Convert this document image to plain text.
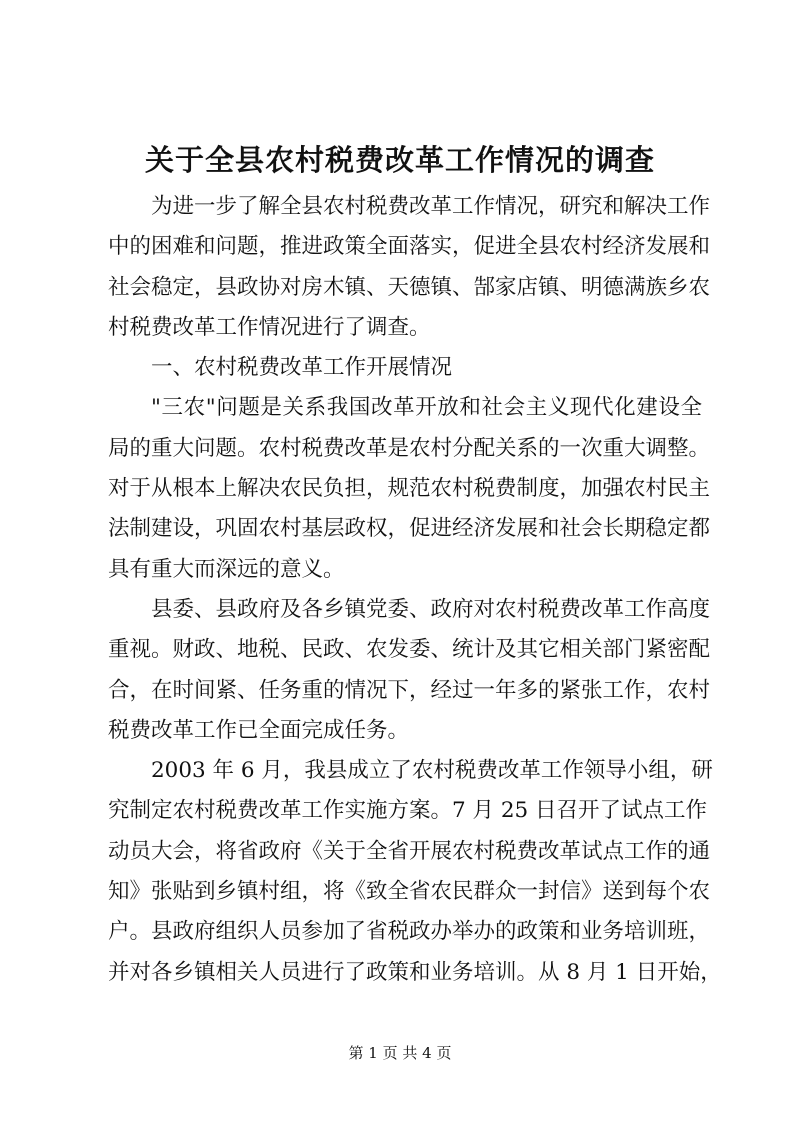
关于全县农村税费改革工作情况的调查
为进一步了解全县农村税费改革工作情况，研究和解决工作
中的困难和问题，推进政策全面落实，促进全县农村经济发展和
社会稳定，县政协对房木镇、天德镇、郜家店镇、明德满族乡农
村税费改革工作情况进行了调查。
一、农村税费改革工作开展情况
"三农"问题是关系我国改革开放和社会主义现代化建设全
局的重大问题。农村税费改革是农村分配关系的一次重大调整。
对于从根本上解决农民负担，规范农村税费制度，加强农村民主
法制建设，巩固农村基层政权，促进经济发展和社会长期稳定都
具有重大而深远的意义。
县委、县政府及各乡镇党委、政府对农村税费改革工作高度
重视。财政、地税、民政、农发委、统计及其它相关部门紧密配
合，在时间紧、任务重的情况下，经过一年多的紧张工作，农村
税费改革工作已全面完成任务。
2003 年 6 月，我县成立了农村税费改革工作领导小组，研
究制定农村税费改革工作实施方案。7 月 25 日召开了试点工作
动员大会，将省政府《关于全省开展农村税费改革试点工作的通
知》张贴到乡镇村组，将《致全省农民群众一封信》送到每个农
户。县政府组织人员参加了省税政办举办的政策和业务培训班，
并对各乡镇相关人员进行了政策和业务培训。从 8 月 1 日开始，
第 1 页 共 4 页
